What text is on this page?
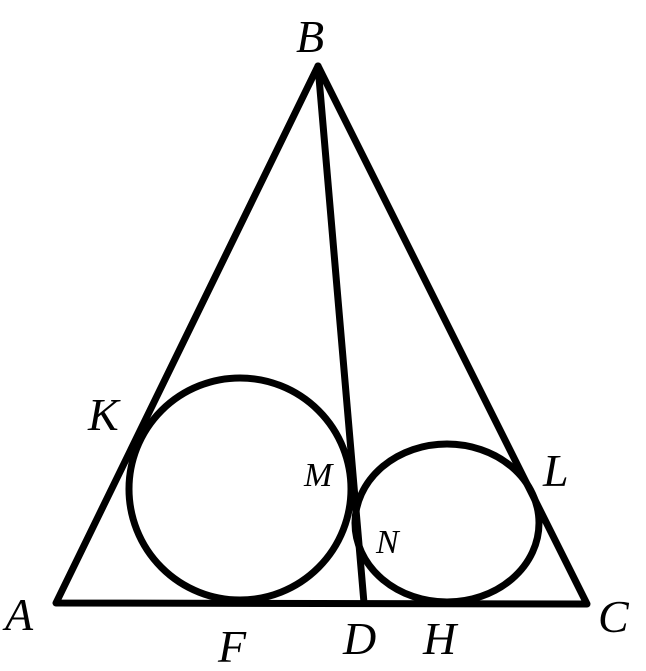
B
A	C
K
L
M
N
F D H
